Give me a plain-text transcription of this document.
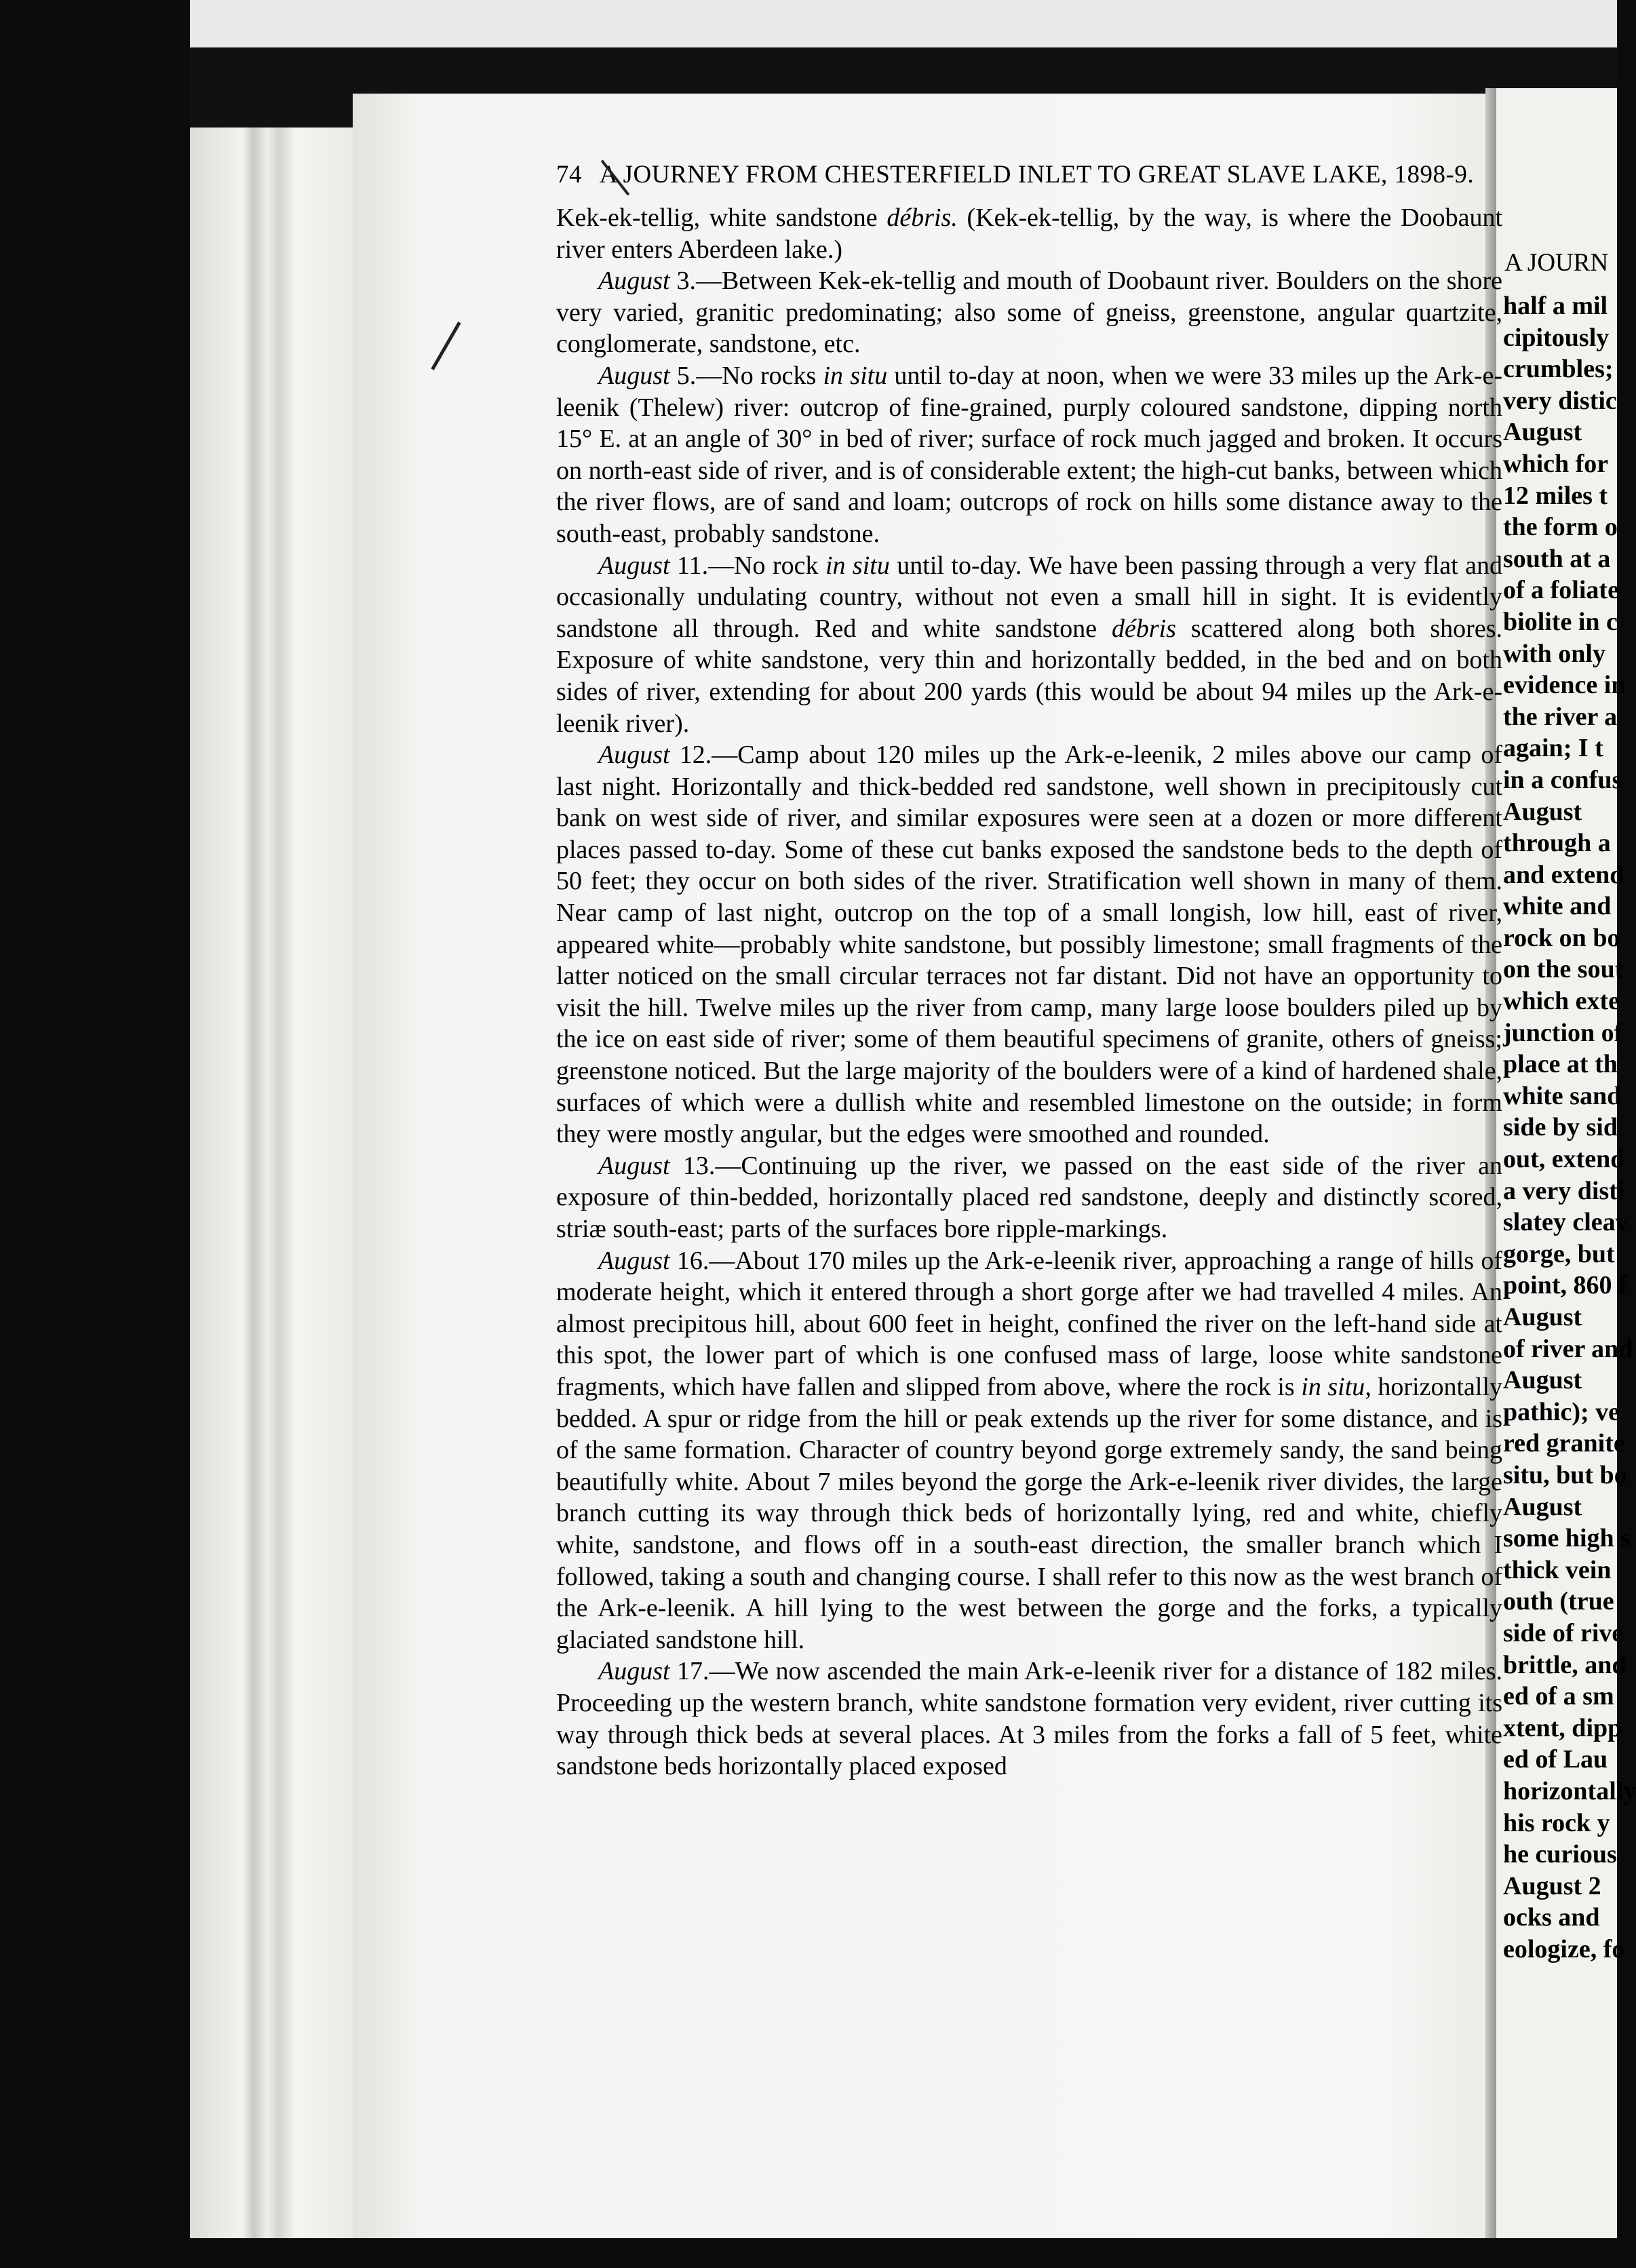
A JOURN
half a mil
cipitously
crumbles;
very distic
August
which for
12 miles t
the form o
south at a
of a foliate
biolite in c
with only
evidence in
the river a
again; I t
in a confus
August
through a
and extend
white and
rock on bo
on the sout
which exte
junction of
place at th
white sand
side by sid
out, extend
a very disti
slatey cleav
gorge, but
point, 860 f
August
of river and
August
pathic); ve
red granite
situ, but bo
August
some high s
thick vein
outh (true
side of rive
brittle, and
ed of a sm
xtent, dipp
ed of Lau
horizontally
his rock y
he curious
August 2
ocks and
eologize, fo
74 A JOURNEY FROM CHESTERFIELD INLET TO GREAT SLAVE LAKE, 1898-9.

Kek-ek-tellig, white sandstone débris. (Kek-ek-tellig, by the way, is where the Doobaunt river enters Aberdeen lake.)

August 3.—Between Kek-ek-tellig and mouth of Doobaunt river. Boulders on the shore very varied, granitic predominating; also some of gneiss, greenstone, angular quartzite, conglomerate, sandstone, etc.

August 5.—No rocks in situ until to-day at noon, when we were 33 miles up the Ark-e-leenik (Thelew) river: outcrop of fine-grained, purply coloured sandstone, dipping north 15° E. at an angle of 30° in bed of river; surface of rock much jagged and broken. It occurs on north-east side of river, and is of considerable extent; the high-cut banks, between which the river flows, are of sand and loam; outcrops of rock on hills some distance away to the south-east, probably sandstone.

August 11.—No rock in situ until to-day. We have been passing through a very flat and occasionally undulating country, without not even a small hill in sight. It is evidently sandstone all through. Red and white sandstone débris scattered along both shores. Exposure of white sandstone, very thin and horizontally bedded, in the bed and on both sides of river, extending for about 200 yards (this would be about 94 miles up the Ark-e-leenik river).

August 12.—Camp about 120 miles up the Ark-e-leenik, 2 miles above our camp of last night. Horizontally and thick-bedded red sandstone, well shown in precipitously cut bank on west side of river, and similar exposures were seen at a dozen or more different places passed to-day. Some of these cut banks exposed the sandstone beds to the depth of 50 feet; they occur on both sides of the river. Stratification well shown in many of them. Near camp of last night, outcrop on the top of a small longish, low hill, east of river, appeared white—probably white sandstone, but possibly limestone; small fragments of the latter noticed on the small circular terraces not far distant. Did not have an opportunity to visit the hill. Twelve miles up the river from camp, many large loose boulders piled up by the ice on east side of river; some of them beautiful specimens of granite, others of gneiss; greenstone noticed. But the large majority of the boulders were of a kind of hardened shale, surfaces of which were a dullish white and resembled limestone on the outside; in form they were mostly angular, but the edges were smoothed and rounded.

August 13.—Continuing up the river, we passed on the east side of the river an exposure of thin-bedded, horizontally placed red sandstone, deeply and distinctly scored, striæ south-east; parts of the surfaces bore ripple-markings.

August 16.—About 170 miles up the Ark-e-leenik river, approaching a range of hills of moderate height, which it entered through a short gorge after we had travelled 4 miles. An almost precipitous hill, about 600 feet in height, confined the river on the left-hand side at this spot, the lower part of which is one confused mass of large, loose white sandstone fragments, which have fallen and slipped from above, where the rock is in situ, horizontally bedded. A spur or ridge from the hill or peak extends up the river for some distance, and is of the same formation. Character of country beyond gorge extremely sandy, the sand being beautifully white. About 7 miles beyond the gorge the Ark-e-leenik river divides, the large branch cutting its way through thick beds of horizontally lying, red and white, chiefly white, sandstone, and flows off in a south-east direction, the smaller branch which I followed, taking a south and changing course. I shall refer to this now as the west branch of the Ark-e-leenik. A hill lying to the west between the gorge and the forks, a typically glaciated sandstone hill.

August 17.—We now ascended the main Ark-e-leenik river for a distance of 182 miles. Proceeding up the western branch, white sandstone formation very evident, river cutting its way through thick beds at several places. At 3 miles from the forks a fall of 5 feet, white sandstone beds horizontally placed exposed
